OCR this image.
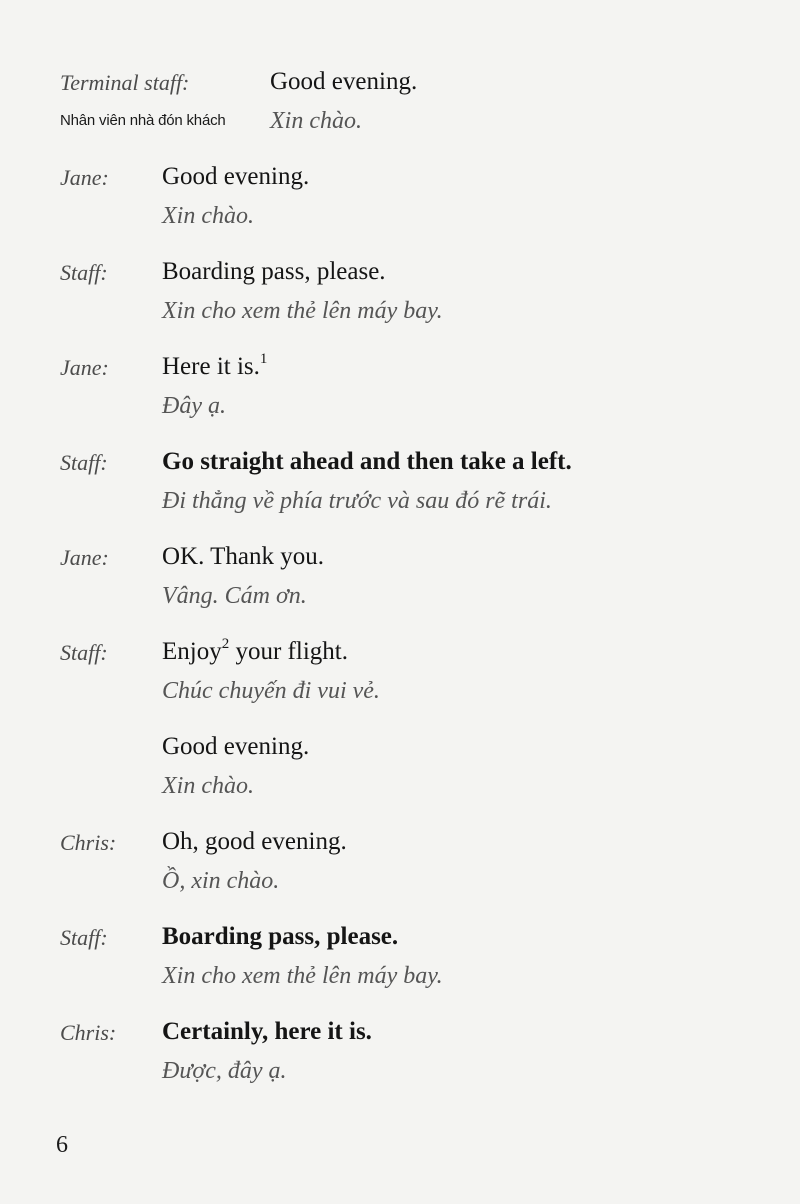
Terminal staff:
Nhân viên nhà đón khách
Good evening.
Xin chào.
Jane: Good evening.
Xin chào.
Staff: Boarding pass, please.
Xin cho xem thẻ lên máy bay.
Jane: Here it is.$^1$
Đây ạ.
Staff: Go straight ahead and then take a left.
Đi thẳng về phía trước và sau đó rẽ trái.
Jane: OK. Thank you.
Vâng. Cám ơn.
Staff: Enjoy$^2$ your flight.
Chúc chuyến đi vui vẻ.
Good evening.
Xin chào.
Chris: Oh, good evening.
Ồ, xin chào.
Staff: Boarding pass, please.
Xin cho xem thẻ lên máy bay.
Chris: Certainly, here it is.
Được, đây ạ.
6
